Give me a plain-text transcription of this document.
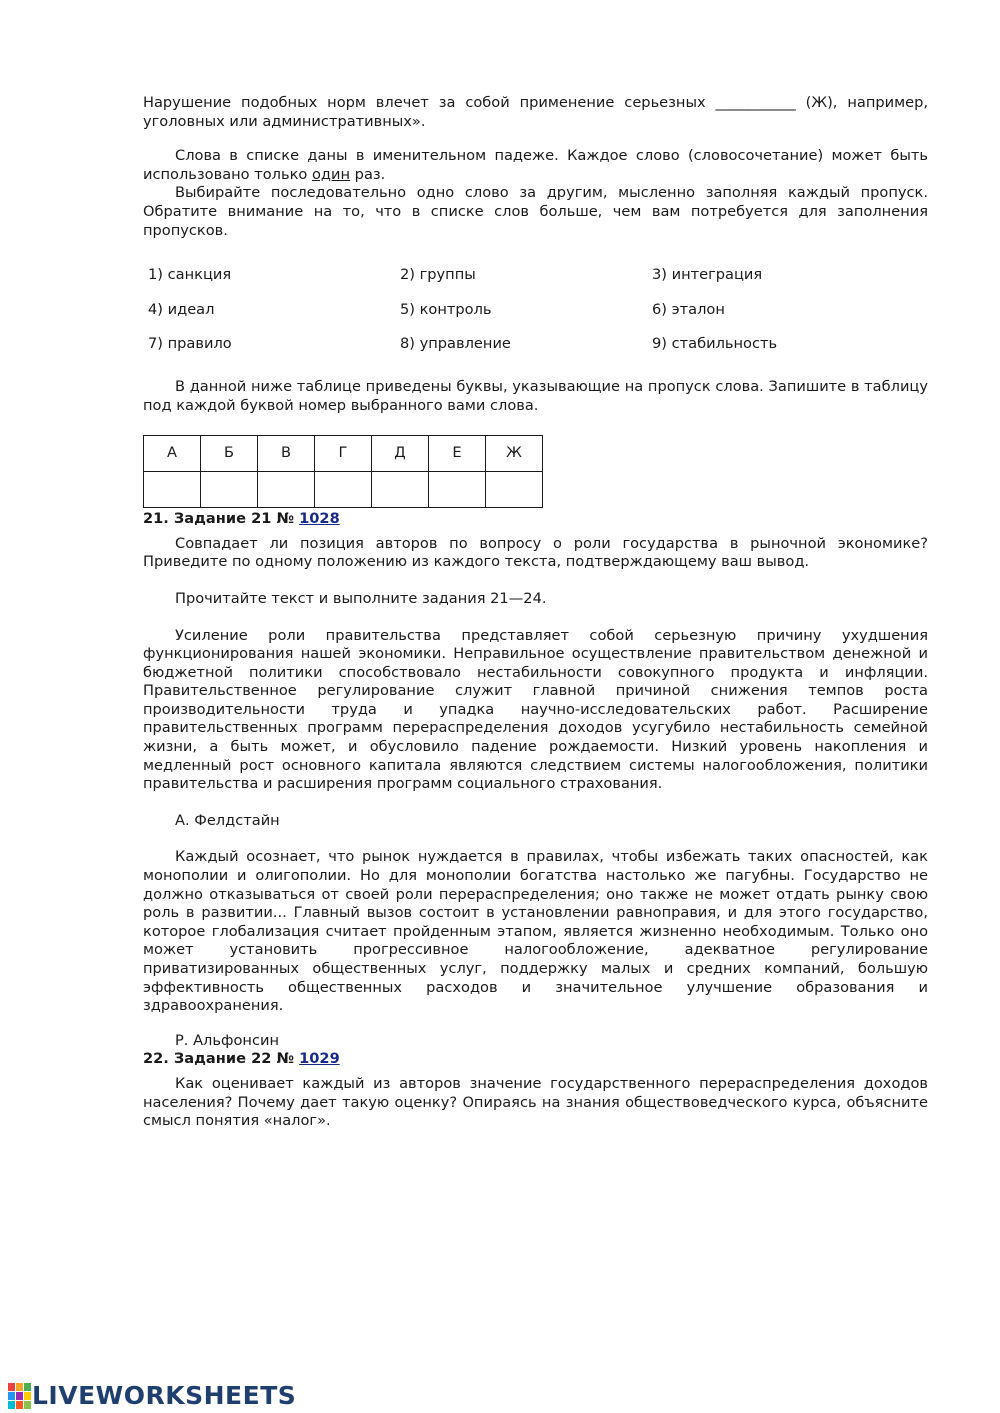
Нарушение подобных норм влечет за собой применение серьезных ___________ (Ж), например, уголовных или административных».

Слова в списке даны в именительном падеже. Каждое слово (словосочетание) может быть использовано только один раз.

Выбирайте последовательно одно слово за другим, мысленно заполняя каждый пропуск. Обратите внимание на то, что в списке слов больше, чем вам потребуется для заполнения пропусков.

1) санкция	2) группы	3) интеграция
4) идеал	5) контроль	6) эталон
7) правило	8) управление	9) стабильность

В данной ниже таблице приведены буквы, указывающие на пропуск слова. Запишите в таблицу под каждой буквой номер выбранного вами слова.

А	Б	В	Г	Д	Е	Ж

21. Задание 21 № 1028

Совпадает ли позиция авторов по вопросу о роли государства в рыночной экономике? Приведите по одному положению из каждого текста, подтверждающему ваш вывод.

Прочитайте текст и выполните задания 21—24.

Усиление роли правительства представляет собой серьезную причину ухудшения функционирования нашей экономики. Неправильное осуществление правительством денежной и бюджетной политики способствовало нестабильности совокупного продукта и инфляции. Правительственное регулирование служит главной причиной снижения темпов роста производительности труда и упадка научно-исследовательских работ. Расширение правительственных программ перераспределения доходов усугубило нестабильность семейной жизни, а быть может, и обусловило падение рождаемости. Низкий уровень накопления и медленный рост основного капитала являются следствием системы налогообложения, политики правительства и расширения программ социального страхования.

А. Фелдстайн

Каждый осознает, что рынок нуждается в правилах, чтобы избежать таких опасностей, как монополии и олигополии. Но для монополии богатства настолько же пагубны. Государство не должно отказываться от своей роли перераспределения; оно также не может отдать рынку свою роль в развитии... Главный вызов состоит в установлении равноправия, и для этого государство, которое глобализация считает пройденным этапом, является жизненно необходимым. Только оно может установить прогрессивное налогообложение, адекватное регулирование приватизированных общественных услуг, поддержку малых и средних компаний, большую эффективность общественных расходов и значительное улучшение образования и здравоохранения.

Р. Альфонсин

22. Задание 22 № 1029

Как оценивает каждый из авторов значение государственного перераспределения доходов населения? Почему дает такую оценку? Опираясь на знания обществоведческого курса, объясните смысл понятия «налог».

LIVEWORKSHEETS
